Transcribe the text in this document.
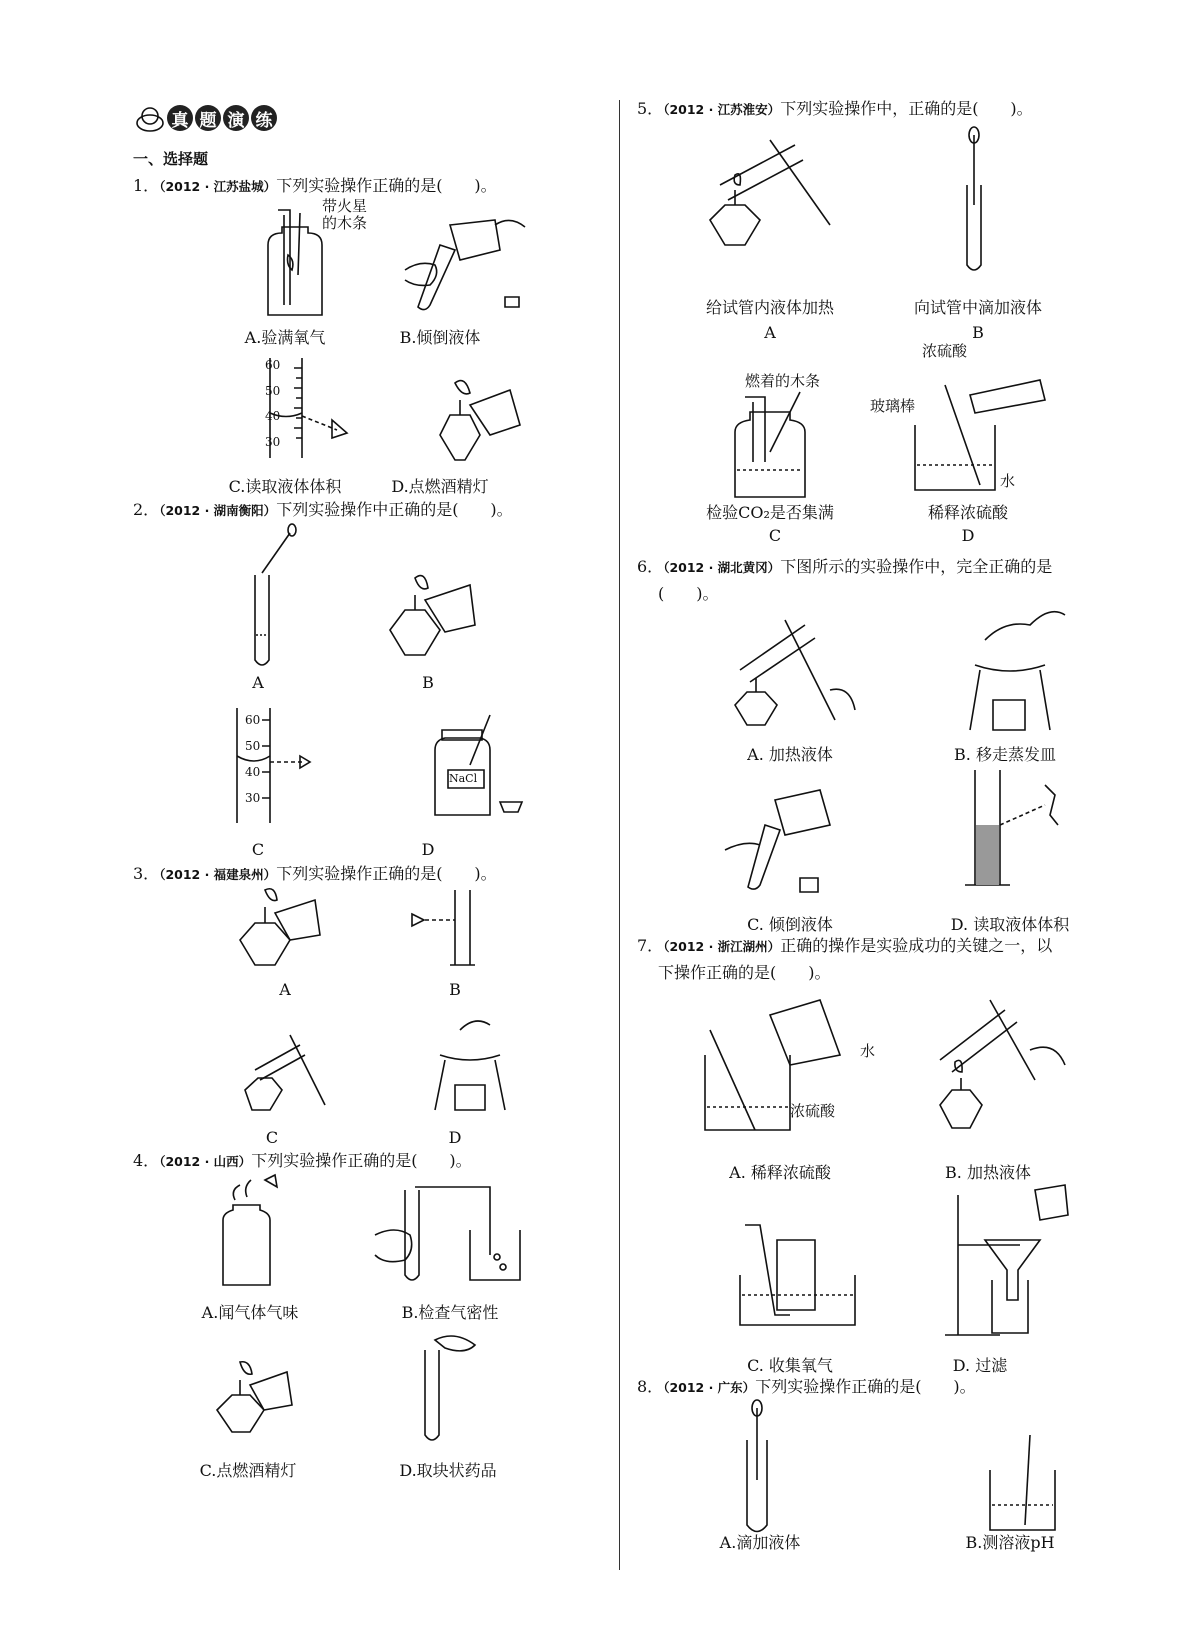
真 题 演 练
一、选择题
1．（2012 · 江苏盐城）下列实验操作正确的是(　　)。
带火星
的木条
A.验满氧气	B.倾倒液体
60
50
40
30
C.读取液体体积	D.点燃酒精灯
2．（2012 · 湖南衡阳）下列实验操作中正确的是(　　)。
A	B
60
50
40
30
NaCl
C	D
3．（2012 · 福建泉州）下列实验操作正确的是(　　)。
A	B
C	D
4．（2012 · 山西）下列实验操作正确的是(　　)。
A.闻气体气味	B.检查气密性
C.点燃酒精灯	D.取块状药品
5．（2012 · 江苏淮安）下列实验操作中，正确的是(　　)。
给试管内液体加热	向试管中滴加液体
A	B
燃着的木条
浓硫酸
玻璃棒
水
检验CO₂是否集满	稀释浓硫酸
C	D
6．（2012 · 湖北黄冈）下图所示的实验操作中，完全正确的是
(　　)。
A. 加热液体	B. 移走蒸发皿
C. 倾倒液体	D. 读取液体体积
7．（2012 · 浙江湖州）正确的操作是实验成功的关键之一，以
下操作正确的是(　　)。
水
浓硫酸
A. 稀释浓硫酸	B. 加热液体
C. 收集氧气	D. 过滤
8．（2012 · 广东）下列实验操作正确的是(　　)。
A.滴加液体	B.测溶液pH
